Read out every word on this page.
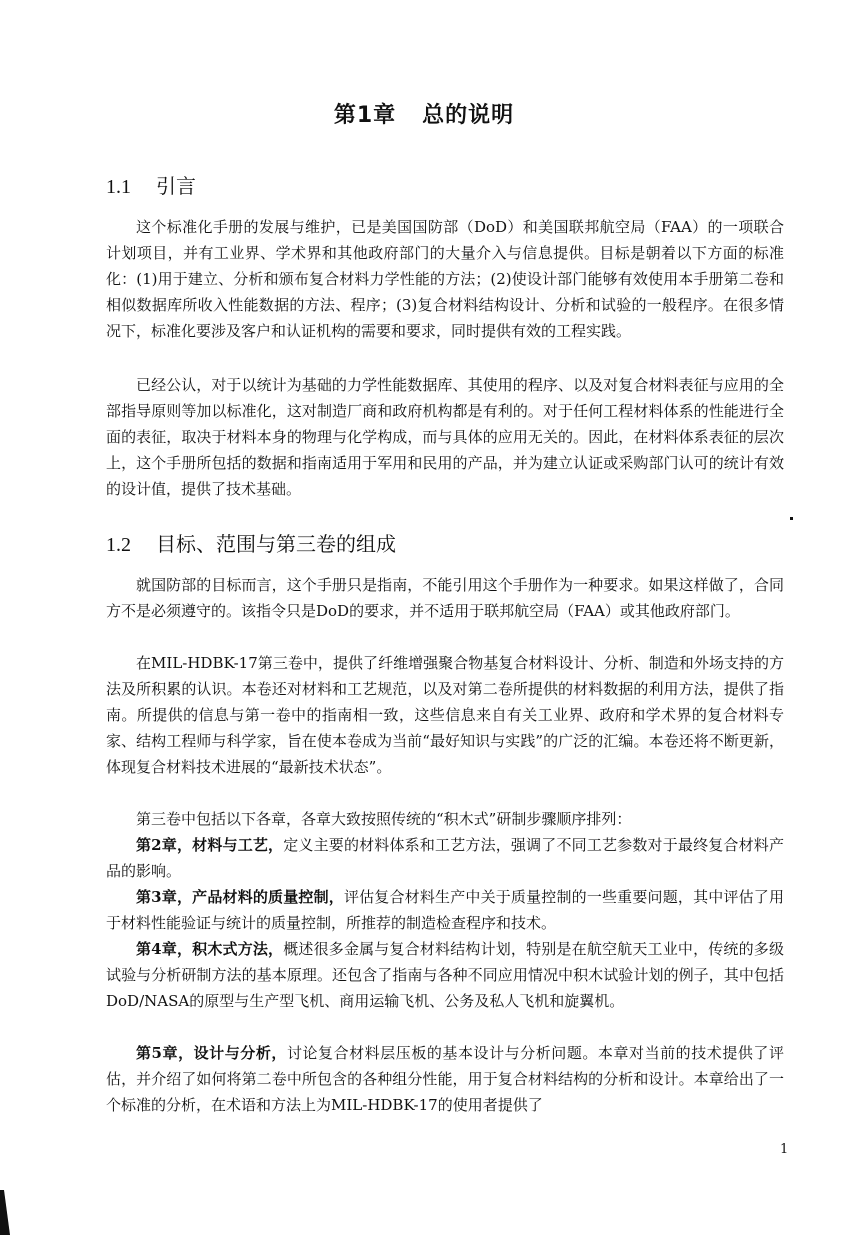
第1章 总的说明
1.1 引言

这个标准化手册的发展与维护，已是美国国防部（DoD）和美国联邦航空局（FAA）的一项联合计划项目，并有工业界、学术界和其他政府部门的大量介入与信息提供。目标是朝着以下方面的标准化：(1)用于建立、分析和颁布复合材料力学性能的方法；(2)使设计部门能够有效使用本手册第二卷和相似数据库所收入性能数据的方法、程序；(3)复合材料结构设计、分析和试验的一般程序。在很多情况下，标准化要涉及客户和认证机构的需要和要求，同时提供有效的工程实践。

已经公认，对于以统计为基础的力学性能数据库、其使用的程序、以及对复合材料表征与应用的全部指导原则等加以标准化，这对制造厂商和政府机构都是有利的。对于任何工程材料体系的性能进行全面的表征，取决于材料本身的物理与化学构成，而与具体的应用无关的。因此，在材料体系表征的层次上，这个手册所包括的数据和指南适用于军用和民用的产品，并为建立认证或采购部门认可的统计有效的设计值，提供了技术基础。

1.2 目标、范围与第三卷的组成

就国防部的目标而言，这个手册只是指南，不能引用这个手册作为一种要求。如果这样做了，合同方不是必须遵守的。该指令只是DoD的要求，并不适用于联邦航空局（FAA）或其他政府部门。

在MIL-HDBK-17第三卷中，提供了纤维增强聚合物基复合材料设计、分析、制造和外场支持的方法及所积累的认识。本卷还对材料和工艺规范，以及对第二卷所提供的材料数据的利用方法，提供了指南。所提供的信息与第一卷中的指南相一致，这些信息来自有关工业界、政府和学术界的复合材料专家、结构工程师与科学家，旨在使本卷成为当前“最好知识与实践”的广泛的汇编。本卷还将不断更新，体现复合材料技术进展的“最新技术状态”。

第三卷中包括以下各章，各章大致按照传统的“积木式”研制步骤顺序排列：

第2章，材料与工艺，定义主要的材料体系和工艺方法，强调了不同工艺参数对于最终复合材料产品的影响。

第3章，产品材料的质量控制，评估复合材料生产中关于质量控制的一些重要问题，其中评估了用于材料性能验证与统计的质量控制，所推荐的制造检查程序和技术。

第4章，积木式方法，概述很多金属与复合材料结构计划，特别是在航空航天工业中，传统的多级试验与分析研制方法的基本原理。还包含了指南与各种不同应用情况中积木试验计划的例子，其中包括DoD/NASA的原型与生产型飞机、商用运输飞机、公务及私人飞机和旋翼机。

第5章，设计与分析，讨论复合材料层压板的基本设计与分析问题。本章对当前的技术提供了评估，并介绍了如何将第二卷中所包含的各种组分性能，用于复合材料结构的分析和设计。本章给出了一个标准的分析，在术语和方法上为MIL-HDBK-17的使用者提供了

1
